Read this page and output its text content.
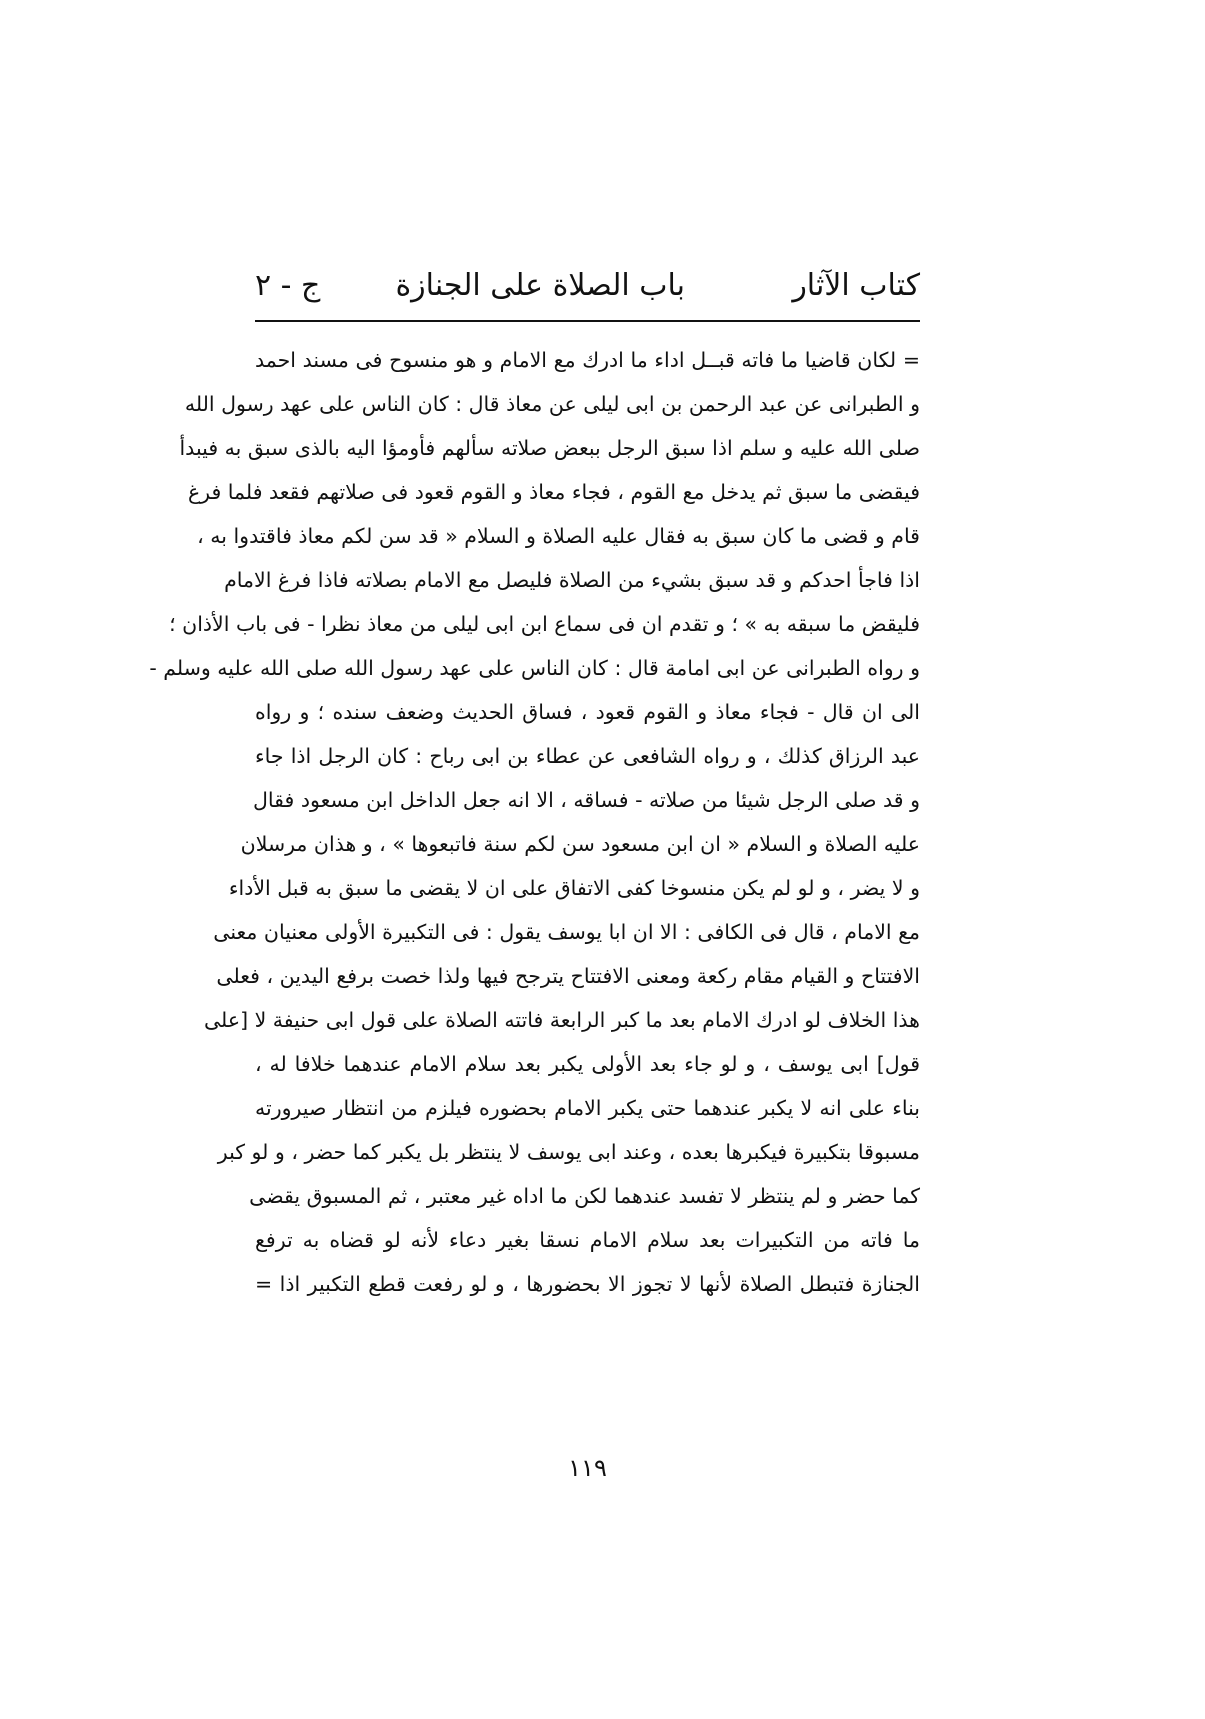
كتاب الآثار
باب الصلاة على الجنازة
ج - ٢
= لكان قاضيا ما فاته قبــل اداء ما ادرك مع الامام و هو منسوح فى مسند احمد
و الطبرانى عن عبد الرحمن بن ابى ليلى عن معاذ قال : كان الناس على عهد رسول الله
صلى الله عليه و سلم اذا سبق الرجل ببعض صلاته سألهم فأومؤا اليه بالذى سبق به فيبدأ
فيقضى ما سبق ثم يدخل مع القوم ، فجاء معاذ و القوم قعود فى صلاتهم فقعد فلما فرغ
قام و قضى ما كان سبق به فقال عليه الصلاة و السلام « قد سن لكم معاذ فاقتدوا به ،
اذا فاجأ احدكم و قد سبق بشيء من الصلاة فليصل مع الامام بصلاته فاذا فرغ الامام
فليقض ما سبقه به » ؛ و تقدم ان فى سماع ابن ابى ليلى من معاذ نظرا - فى باب الأذان ؛
و رواه الطبرانى عن ابى امامة قال : كان الناس على عهد رسول الله صلى الله عليه وسلم -
الى ان قال - فجاء معاذ و القوم قعود ، فساق الحديث وضعف سنده ؛ و رواه
عبد الرزاق كذلك ، و رواه الشافعى عن عطاء بن ابى رباح : كان الرجل اذا جاء
و قد صلى الرجل شيئا من صلاته - فساقه ، الا انه جعل الداخل ابن مسعود فقال
عليه الصلاة و السلام « ان ابن مسعود سن لكم سنة فاتبعوها » ، و هذان مرسلان
و لا يضر ، و لو لم يكن منسوخا كفى الاتفاق على ان لا يقضى ما سبق به قبل الأداء
مع الامام ، قال فى الكافى : الا ان ابا يوسف يقول : فى التكبيرة الأولى معنيان معنى
الافتتاح و القيام مقام ركعة ومعنى الافتتاح يترجح فيها ولذا خصت برفع اليدين ، فعلى
هذا الخلاف لو ادرك الامام بعد ما كبر الرابعة فاتته الصلاة على قول ابى حنيفة لا [على
قول] ابى يوسف ، و لو جاء بعد الأولى يكبر بعد سلام الامام عندهما خلافا له ،
بناء على انه لا يكبر عندهما حتى يكبر الامام بحضوره فيلزم من انتظار صيرورته
مسبوقا بتكبيرة فيكبرها بعده ، وعند ابى يوسف لا ينتظر بل يكبر كما حضر ، و لو كبر
كما حضر و لم ينتظر لا تفسد عندهما لكن ما اداه غير معتبر ، ثم المسبوق يقضى
ما فاته من التكبيرات بعد سلام الامام نسقا بغير دعاء لأنه لو قضاه به ترفع
الجنازة فتبطل الصلاة لأنها لا تجوز الا بحضورها ، و لو رفعت قطع التكبير اذا =
١١٩
